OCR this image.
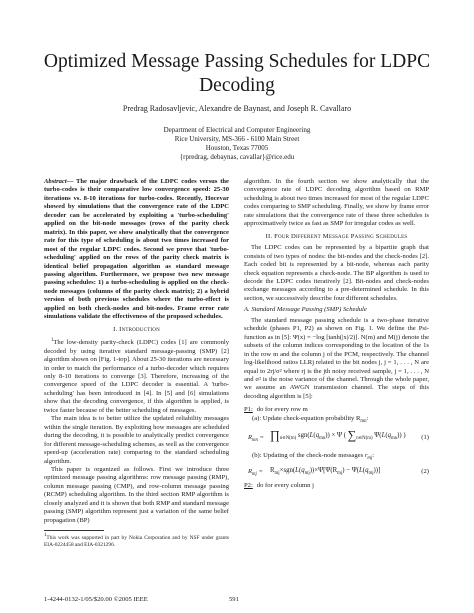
Optimized Message Passing Schedules for LDPC Decoding
Predrag Radosavljevic, Alexandre de Baynast, and Joseph R. Cavallaro
Department of Electrical and Computer Engineering
Rice University, MS-366 - 6100 Main Street
Houston, Texas 77005
{rpredrag, debaynas, cavallar}@rice.edu

Abstract— The major drawback of the LDPC codes versus the turbo-codes is their comparative low convergence speed: 25-30 iterations vs. 8-10 iterations for turbo-codes. Recently, Hocevar showed by simulations that the convergence rate of the LDPC decoder can be accelerated by exploiting a 'turbo-scheduling' applied on the bit-node messages (rows of the parity check matrix). In this paper, we show analytically that the convergence rate for this type of scheduling is about two times increased for most of the regular LDPC codes. Second we prove that 'turbo-scheduling' applied on the rows of the parity check matrix is identical belief propagation algorithm as standard message passing algorithm. Furthermore, we propose two new message passing schedules: 1) a turbo-scheduling is applied on the check-node messages (columns of the parity check matrix); 2) a hybrid version of both previous schedules where the turbo-effect is applied on both check-nodes and bit-nodes. Frame error rate simulations validate the effectiveness of the proposed schedules.

I. Introduction

$^1$The low-density parity-check (LDPC) codes [1] are commonly decoded by using iterative standard message-passing (SMP) [2] algorithm shown on [Fig. 1-top]. About 25-30 iterations are necessary in order to match the performance of a turbo-decoder which requires only 8-10 iterations to converge [3]. Therefore, increasing of the convergence speed of the LDPC decoder is essential. A 'turbo-scheduling' has been introduced in [4]. In [5] and [6] simulations show that the decoding convergence, if this algorithm is applied, is twice faster because of the better scheduling of messages.

The main idea is to better utilize the updated reliability messages within the single iteration. By exploiting how messages are scheduled during the decoding, it is possible to analytically predict convergence for different message-scheduling schemes, as well as the convergence speed-up (acceleration rate) comparing to the standard scheduling algorithm.

This paper is organized as follows. First we introduce three optimized message passing algorithms: row message passing (RMP), column message passing (CMP), and row-column message passing (RCMP) scheduling algorithm. In the third section RMP algorithm is closely analyzed and it is shown that both RMP and standard message passing (SMP) algorithm represent just a variation of the same belief propagation (BP)

1This work was supported in part by Nokia Corporation and by NSF under grants EIA-0224458 and EIA-0321296.

algorithm. In the fourth section we show analytically that the convergence rate of LDPC decoding algorithm based on RMP scheduling is about two times increased for most of the regular LDPC codes comparing to SMP scheduling. Finally, we show by frame error rate simulations that the convergence rate of these three schedules is approximatively twice as fast as SMP for irregular codes as well.

II. Four Different Message Passing Schedules

The LDPC codes can be represented by a bipartite graph that consists of two types of nodes: the bit-nodes and the check-nodes [2]. Each coded bit is represented by a bit-node, whereas each parity check equation represents a check-node. The BP algorithm is used to decode the LDPC codes iteratively [2]. Bit-nodes and check-nodes exchange messages according to a pre-determined schedule. In this section, we successively describe four different schedules.

A. Standard Message Passing (SMP) Schedule

The standard message passing schedule is a two-phase iterative schedule (phases P1, P2) as shown on Fig. 1. We define the Psi-function as in [5]: Ψ(x) = −log [tanh(|x|/2)]. N(m) and M(j) denote the subsets of the column indices corresponding to the location of the 1s in the row m and the column j of the PCM, respectively. The channel log-likelihood ratios LLRj related to the bit nodes j, j = 1, . . . , N are equal to 2rj/σ² where rj is the jth noisy received sample, j = 1, . . . , N and σ² is the noise variance of the channel. Through the whole paper, we assume an AWGN transmission channel. The steps of this decoding algorithm is [5]:

P1: do for every row m
(a): Update check-equation probability $R_{mn}$:
$R_{mn}$ = $\prod_{n\in N(m)}$ $sgn(L(q_{mn})) \times \Psi$ ( $\sum_{n\in N(m)}$ $\Psi(L(q_{mn}))$ ) (1)
(b): Updating of the check-node messages $r_{mj}$:
$R_{mj} = R_{mj}\times sgn(L(q_{mj}))\times\Psi[\Psi(R_{mj}) - \Psi(L(q_{mj}))]$	(2)
P2: do for every column j
1-4244-0132-1/05/$20.00 ©2005 IEEE	591
